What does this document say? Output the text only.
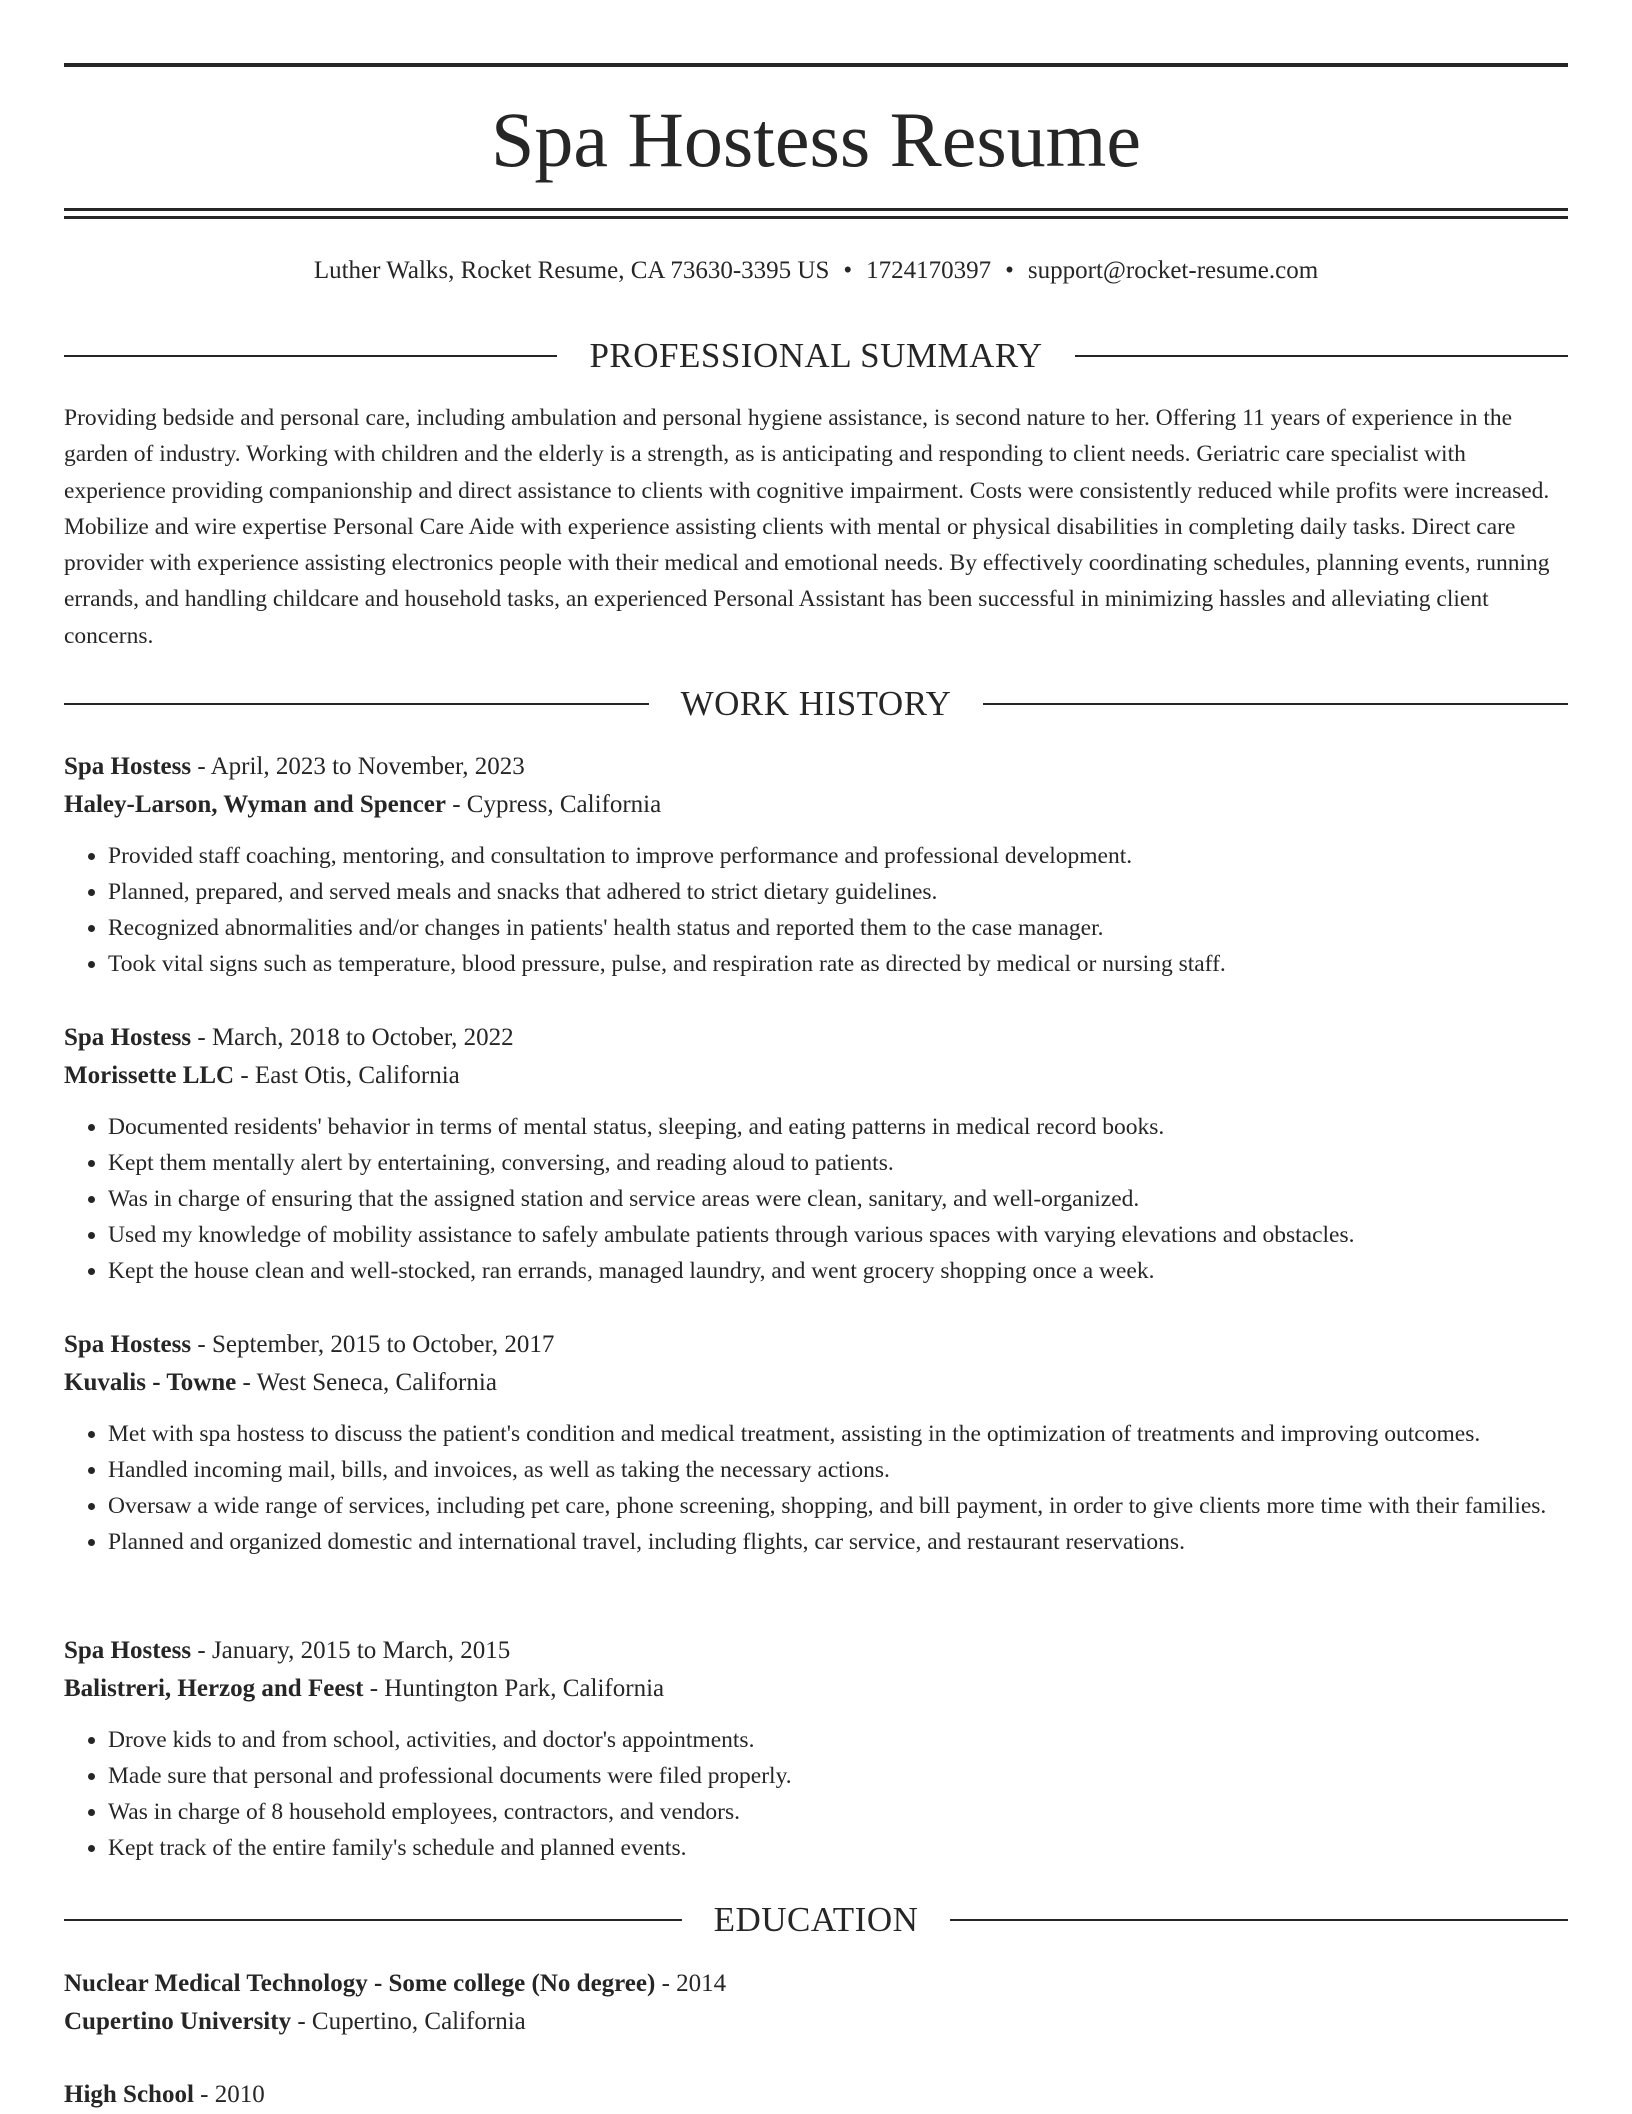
Spa Hostess Resume
Luther Walks, Rocket Resume, CA 73630-3395 US • 1724170397 • support@rocket-resume.com
PROFESSIONAL SUMMARY

Providing bedside and personal care, including ambulation and personal hygiene assistance, is second nature to her. Offering 11 years of experience in the garden of industry. Working with children and the elderly is a strength, as is anticipating and responding to client needs. Geriatric care specialist with experience providing companionship and direct assistance to clients with cognitive impairment. Costs were consistently reduced while profits were increased. Mobilize and wire expertise Personal Care Aide with experience assisting clients with mental or physical disabilities in completing daily tasks. Direct care provider with experience assisting electronics people with their medical and emotional needs. By effectively coordinating schedules, planning events, running errands, and handling childcare and household tasks, an experienced Personal Assistant has been successful in minimizing hassles and alleviating client concerns.

WORK HISTORY
Spa Hostess - April, 2023 to November, 2023
Haley-Larson, Wyman and Spencer - Cypress, California
• Provided staff coaching, mentoring, and consultation to improve performance and professional development.
• Planned, prepared, and served meals and snacks that adhered to strict dietary guidelines.
• Recognized abnormalities and/or changes in patients' health status and reported them to the case manager.
• Took vital signs such as temperature, blood pressure, pulse, and respiration rate as directed by medical or nursing staff.
Spa Hostess - March, 2018 to October, 2022
Morissette LLC - East Otis, California
• Documented residents' behavior in terms of mental status, sleeping, and eating patterns in medical record books.
• Kept them mentally alert by entertaining, conversing, and reading aloud to patients.
• Was in charge of ensuring that the assigned station and service areas were clean, sanitary, and well-organized.
• Used my knowledge of mobility assistance to safely ambulate patients through various spaces with varying elevations and obstacles.
• Kept the house clean and well-stocked, ran errands, managed laundry, and went grocery shopping once a week.
Spa Hostess - September, 2015 to October, 2017
Kuvalis - Towne - West Seneca, California
• Met with spa hostess to discuss the patient's condition and medical treatment, assisting in the optimization of treatments and improving outcomes.
• Handled incoming mail, bills, and invoices, as well as taking the necessary actions.
• Oversaw a wide range of services, including pet care, phone screening, shopping, and bill payment, in order to give clients more time with their families.
• Planned and organized domestic and international travel, including flights, car service, and restaurant reservations.
Spa Hostess - January, 2015 to March, 2015
Balistreri, Herzog and Feest - Huntington Park, California
• Drove kids to and from school, activities, and doctor's appointments.
• Made sure that personal and professional documents were filed properly.
• Was in charge of 8 household employees, contractors, and vendors.
• Kept track of the entire family's schedule and planned events.
EDUCATION
Nuclear Medical Technology - Some college (No degree) - 2014
Cupertino University - Cupertino, California
High School - 2010
